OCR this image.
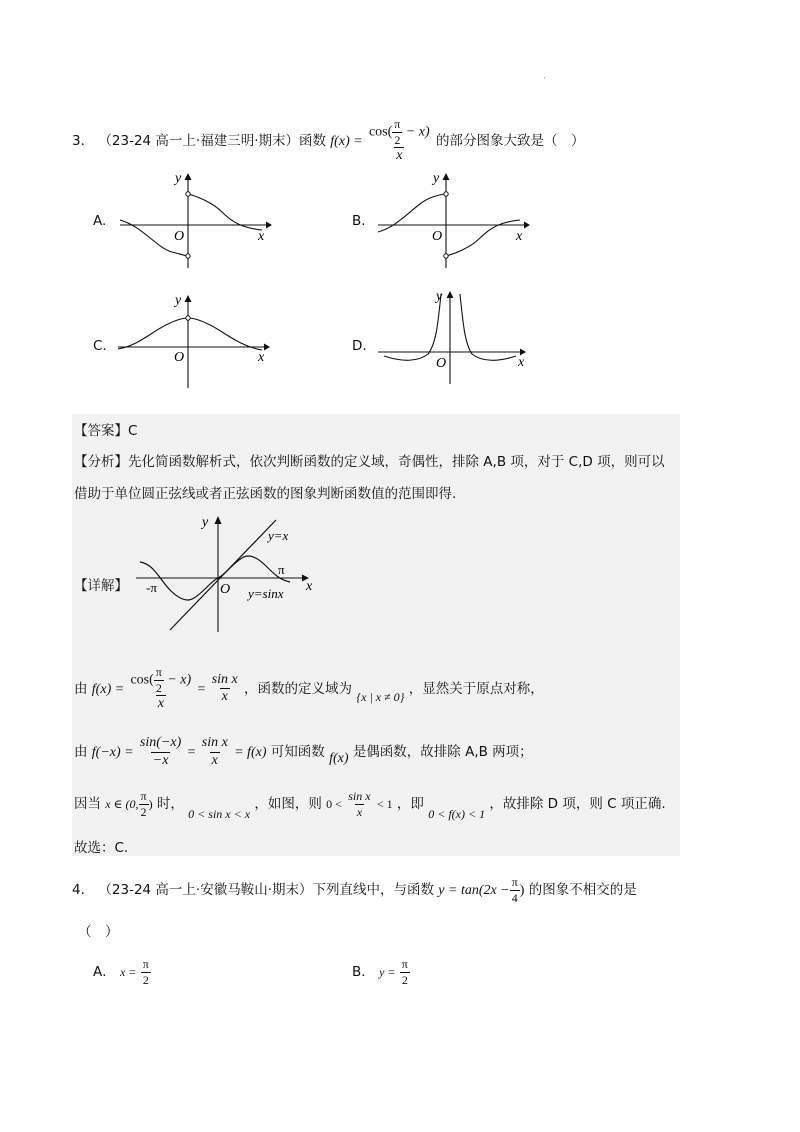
·
3． （23-24 高一上·福建三明·期末）函数 $f(x) = \frac{\cos( \frac{\pi}{2} - x)}{x}$ 的部分图象大致是（　）
A.
y
O	x
B.
y
O	x
C.
y
O	x
D.
y
O	x
【答案】C
【分析】先化简函数解析式，依次判断函数的定义域，奇偶性，排除 A,B 项，对于 C,D 项，则可以
借助于单位圆正弦线或者正弦函数的图象判断函数值的范围即得.
【详解】
y
O	x
-π
π
y=x
y=sinx
由 $f(x) = \frac{\cos( \frac{\pi}{2} - x)}{x} = \frac{\text{sin x}}{x}$ ，函数的定义域为 {x | x ≠ 0} ，显然关于原点对称，
由 $f(-x) = \frac{\sin(-x)}{-x} = \frac{\text{sin x}}{x} = f(x)$ 可知函数 f(x) 是偶函数，故排除 A,B 两项；
因当 x ∈ (0, $\frac{\pi}{2}$ ) 时， 0 < sin x < x ，如图，则 $0 < \frac{\text{sin x}}{x} < 1$ ，即 0 < f(x) < 1 ，故排除 D 项，则 C 项正确.
故选：C.
4． （23-24 高一上·安徽马鞍山·期末）下列直线中，与函数 $y = \tan(2x - \frac{\pi}{4}$ ) 的图象不相交的是
（　）
A． $x = \frac{\pi}{2}$	B． $y = \frac{\pi}{2}$
